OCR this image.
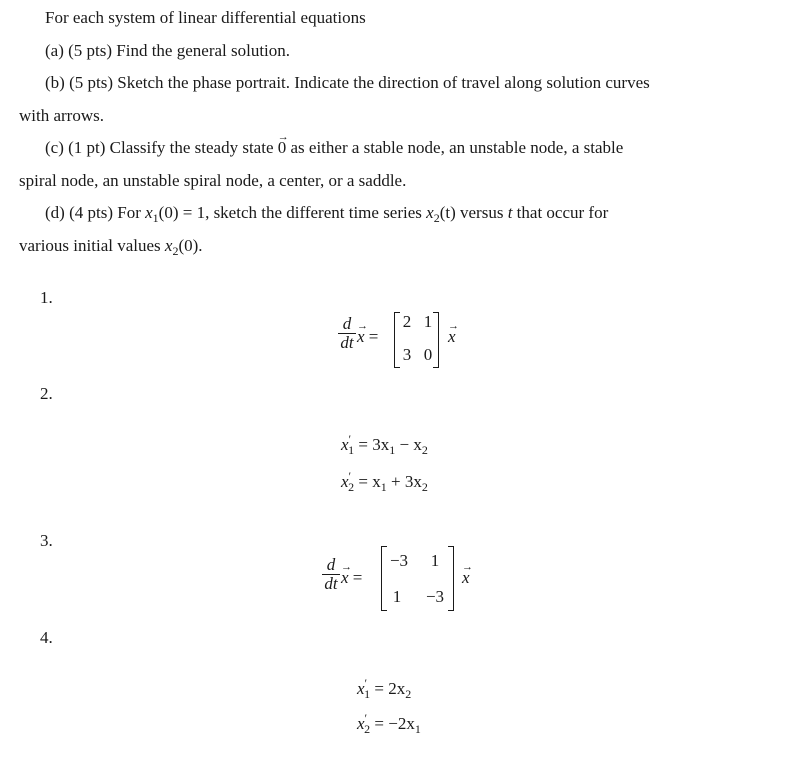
For each system of linear differential equations
(a) (5 pts) Find the general solution.
(b) (5 pts) Sketch the phase portrait. Indicate the direction of travel along solution curves
with arrows.
(c) (1 pt) Classify the steady state → 0 as either a stable node, an unstable node, a stable
spiral node, an unstable spiral node, a center, or a saddle.
(d) (4 pts) For $x_1(0) = 1$, sketch the different time series $x_2(t)$ versus t that occur for
various initial values $x_2(0)$.
1.
d
dt → x =
2 1
3 0
→ x
2.
$x'_1 = 3x_1 - x_2$
$x'_2 = x_1 + 3x_2$
3.
d
dt → x =
−3 1
1 −3
→ x
4.
$x'_1 = 2x_2$
$x'_2 = -2x_1$
